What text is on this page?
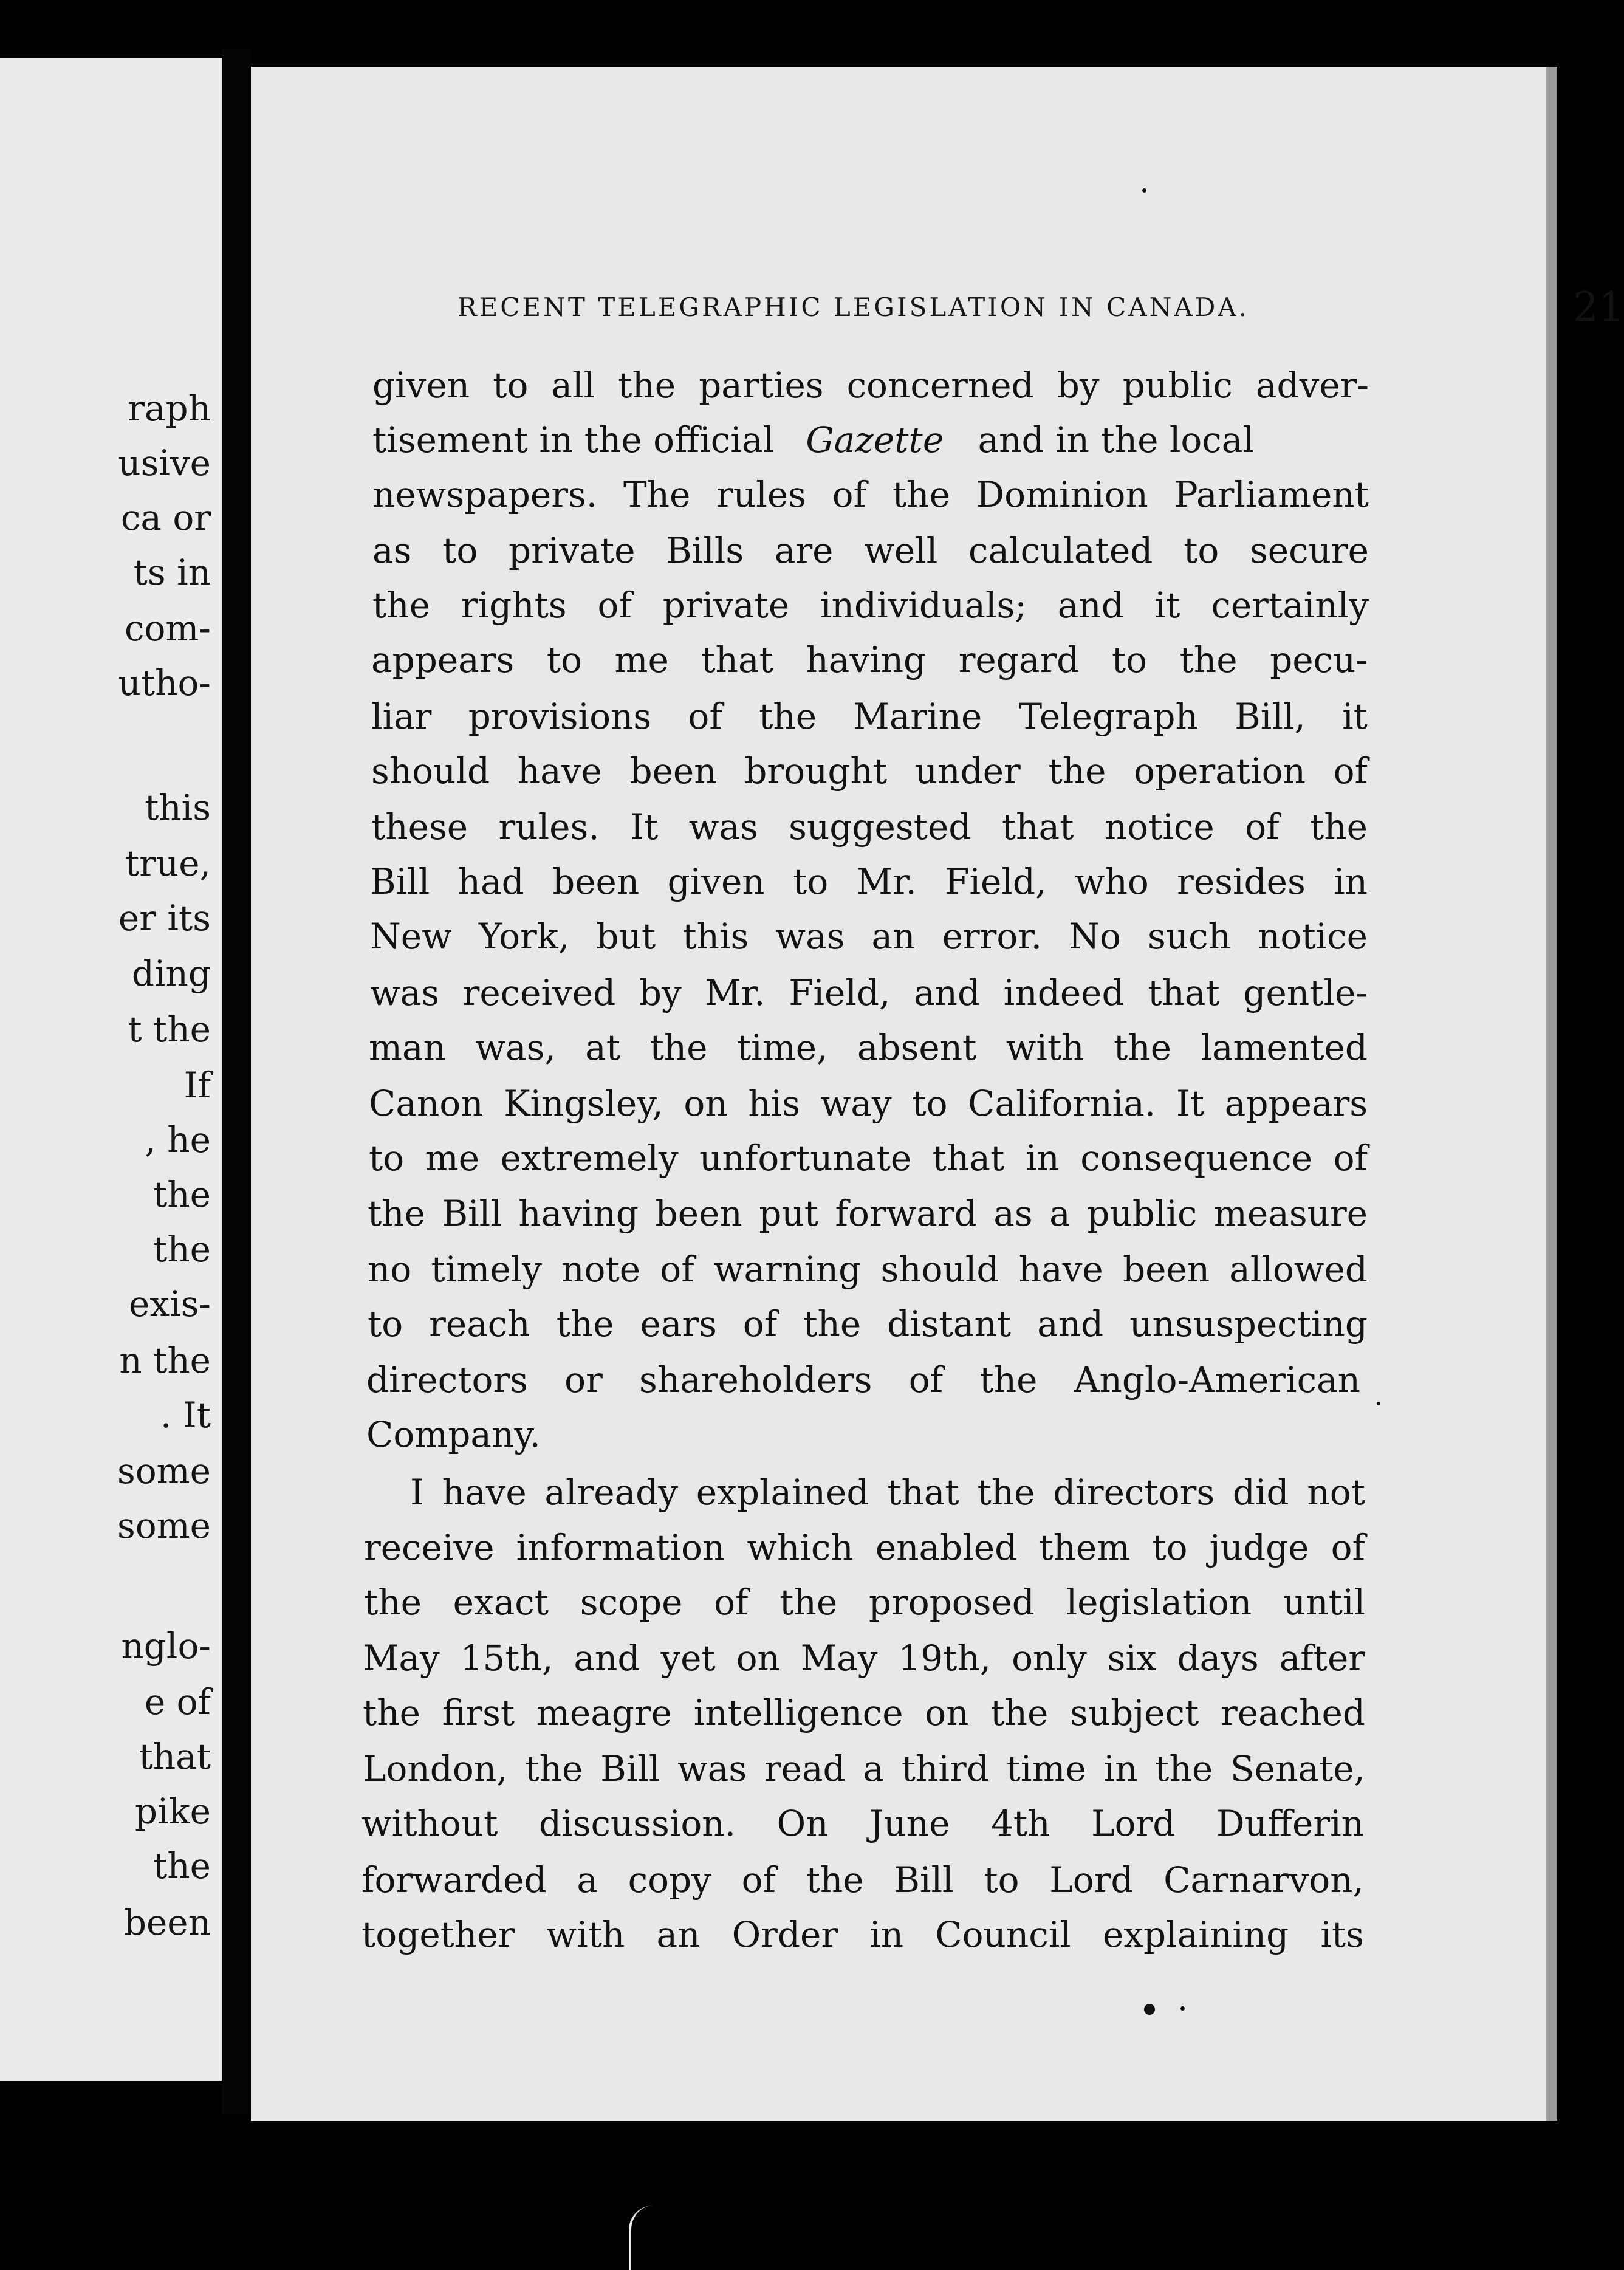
raph
usive
ca or
ts in
com-
utho-
this
true,
er its
ding
t the
If
, he
the
the
exis-
n the
. It
some
some
nglo-
e of
that
pike
the
been
RECENT TELEGRAPHIC LEGISLATION IN CANADA.	21
given to all the parties concerned by public adver-
tisement in the official Gazette and in the local
newspapers. The rules of the Dominion Parliament
as to private Bills are well calculated to secure
the rights of private individuals; and it certainly
appears to me that having regard to the pecu-
liar provisions of the Marine Telegraph Bill, it
should have been brought under the operation of
these rules. It was suggested that notice of the
Bill had been given to Mr. Field, who resides in
New York, but this was an error. No such notice
was received by Mr. Field, and indeed that gentle-
man was, at the time, absent with the lamented
Canon Kingsley, on his way to California. It appears
to me extremely unfortunate that in consequence of
the Bill having been put forward as a public measure
no timely note of warning should have been allowed
to reach the ears of the distant and unsuspecting
directors or shareholders of the Anglo-American
Company.
I have already explained that the directors did not
receive information which enabled them to judge of
the exact scope of the proposed legislation until
May 15th, and yet on May 19th, only six days after
the first meagre intelligence on the subject reached
London, the Bill was read a third time in the Senate,
without discussion. On June 4th Lord Dufferin
forwarded a copy of the Bill to Lord Carnarvon,
together with an Order in Council explaining its
